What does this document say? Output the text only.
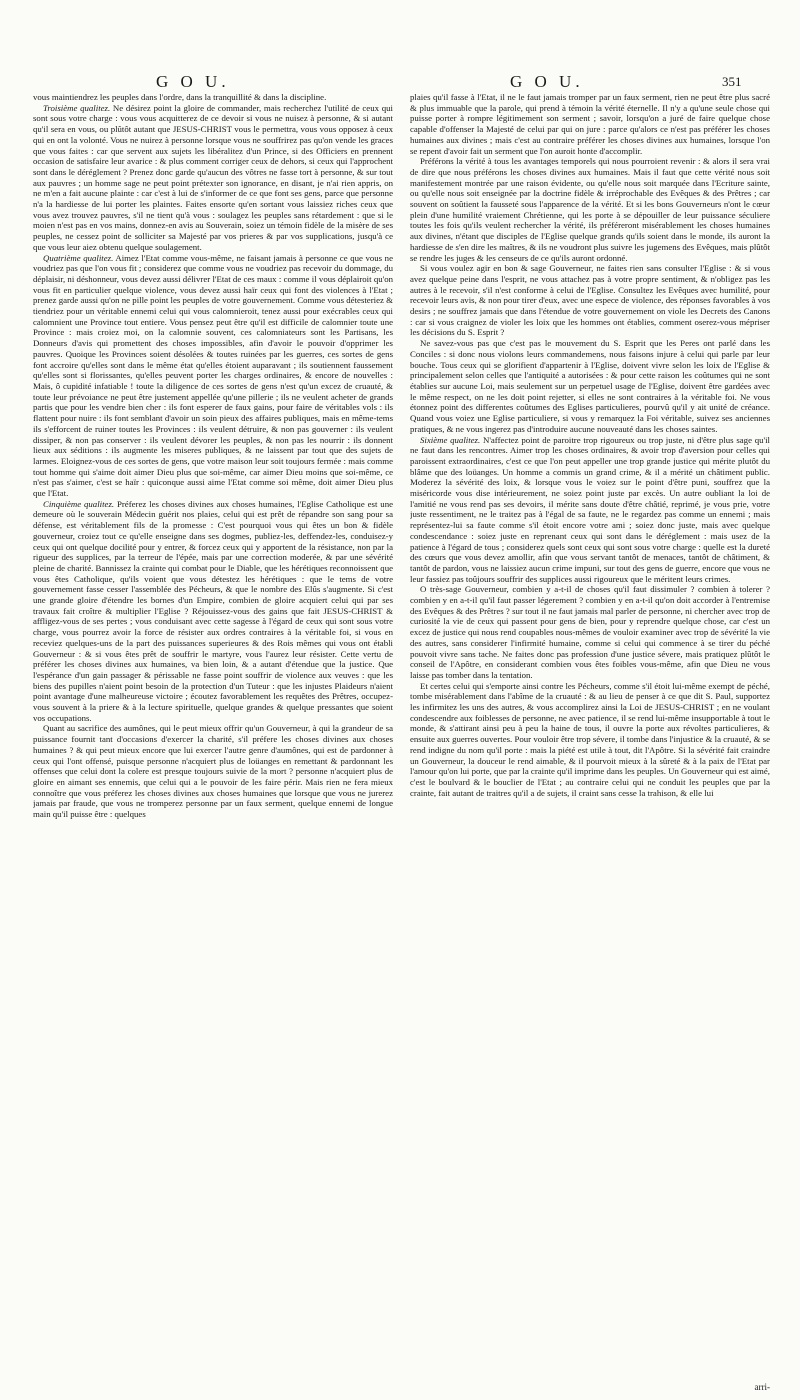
G O U.	G O U.	351

vous maintiendrez les peuples dans l'ordre, dans la tranquillité & dans la discipline.

Troisième qualitez. Ne désirez point la gloire de commander, mais recherchez l'utilité de ceux qui sont sous votre charge : vous vous acquitterez de ce devoir si vous ne nuisez à personne, & si autant qu'il sera en vous, ou plûtôt autant que JESUS-CHRIST vous le permettra, vous vous opposez à ceux qui en ont la volonté. Vous ne nuirez à personne lorsque vous ne souffrirez pas qu'on vende les graces que vous faites : car que servent aux sujets les libéralitez d'un Prince, si des Officiers en prennent occasion de satisfaire leur avarice : & plus comment corriger ceux de dehors, si ceux qui l'approchent sont dans le déréglement ? Prenez donc garde qu'aucun des vôtres ne fasse tort à personne, & sur tout aux pauvres ; un homme sage ne peut point prétexter son ignorance, en disant, je n'ai rien appris, on ne m'en a fait aucune plainte : car c'est à lui de s'informer de ce que font ses gens, parce que personne n'a la hardiesse de lui porter les plaintes. Faites ensorte qu'en sortant vous laissiez riches ceux que vous avez trouvez pauvres, s'il ne tient qu'à vous : soulagez les peuples sans rétardement : que si le moien n'est pas en vos mains, donnez-en avis au Souverain, soiez un témoin fidèle de la misère de ses peuples, ne cessez point de solliciter sa Majesté par vos prieres & par vos supplications, jusqu'à ce que vous leur aiez obtenu quelque soulagement.

Quatrième qualitez. Aimez l'Etat comme vous-même, ne faisant jamais à personne ce que vous ne voudriez pas que l'on vous fit ; considerez que comme vous ne voudriez pas recevoir du dommage, du déplaisir, ni déshonneur, vous devez aussi délivrer l'Etat de ces maux : comme il vous déplairoit qu'on vous fit en particulier quelque violence, vous devez aussi haïr ceux qui font des violences à l'Etat ; prenez garde aussi qu'on ne pille point les peuples de votre gouvernement. Comme vous détesteriez & tiendriez pour un véritable ennemi celui qui vous calomnieroit, tenez aussi pour exécrables ceux qui calomnient une Province tout entiere. Vous pensez peut être qu'il est difficile de calomnier toute une Province : mais croiez moi, on la calomnie souvent, ces calomniateurs sont les Partisans, les Donneurs d'avis qui promettent des choses impossibles, afin d'avoir le pouvoir d'opprimer les pauvres. Quoique les Provinces soient désolées & toutes ruinées par les guerres, ces sortes de gens font accroire qu'elles sont dans le même état qu'elles étoient auparavant ; ils soutiennent faussement qu'elles sont si florissantes, qu'elles peuvent porter les charges ordinaires, & encore de nouvelles : Mais, ô cupidité infatiable ! toute la diligence de ces sortes de gens n'est qu'un excez de cruauté, & toute leur prévoiance ne peut être justement appellée qu'une pillerie ; ils ne veulent acheter de grands partis que pour les vendre bien cher : ils font esperer de faux gains, pour faire de véritables vols : ils flattent pour nuire : ils font semblant d'avoir un soin pieux des affaires publiques, mais en même-tems ils s'efforcent de ruiner toutes les Provinces : ils veulent détruire, & non pas gouverner : ils veulent dissiper, & non pas conserver : ils veulent dévorer les peuples, & non pas les nourrir : ils donnent lieux aux séditions : ils augmente les miseres publiques, & ne laissent par tout que des sujets de larmes. Eloignez-vous de ces sortes de gens, que votre maison leur soit toujours fermée : mais comme tout homme qui s'aime doit aimer Dieu plus que soi-même, car aimer Dieu moins que soi-même, ce n'est pas s'aimer, c'est se haïr : quiconque aussi aime l'Etat comme soi même, doit aimer Dieu plus que l'Etat.

Cinquième qualitez. Préferez les choses divines aux choses humaines, l'Eglise Catholique est une demeure où le souverain Médecin guérit nos plaies, celui qui est prêt de répandre son sang pour sa défense, est véritablement fils de la promesse : C'est pourquoi vous qui êtes un bon & fidèle gouverneur, croiez tout ce qu'elle enseigne dans ses dogmes, publiez-les, deffendez-les, conduisez-y ceux qui ont quelque docilité pour y entrer, & forcez ceux qui y apportent de la résistance, non par la rigueur des supplices, par la terreur de l'épée, mais par une correction moderée, & par une sévérité pleine de charité. Bannissez la crainte qui combat pour le Diable, que les hérétiques reconnoissent que vous êtes Catholique, qu'ils voient que vous détestez les hérétiques : que le tems de votre gouvernement fasse cesser l'assemblée des Pécheurs, & que le nombre des Elûs s'augmente. Si c'est une grande gloire d'étendre les bornes d'un Empire, combien de gloire acquiert celui qui par ses travaux fait croître & multiplier l'Eglise ? Réjouissez-vous des gains que fait JESUS-CHRIST & affligez-vous de ses pertes ; vous conduisant avec cette sagesse à l'égard de ceux qui sont sous votre charge, vous pourrez avoir la force de résister aux ordres contraires à la véritable foi, si vous en receviez quelques-uns de la part des puissances superieures & des Rois mêmes qui vous ont établi Gouverneur : & si vous êtes prêt de souffrir le martyre, vous l'aurez leur résister. Cette vertu de préférer les choses divines aux humaines, va bien loin, & a autant d'étendue que la justice. Que l'espérance d'un gain passager & périssable ne fasse point souffrir de violence aux veuves : que les biens des pupilles n'aient point besoin de la protection d'un Tuteur : que les injustes Plaideurs n'aient point avantage d'une malheureuse victoire ; écoutez favorablement les requêtes des Prêtres, occupez-vous souvent à la priere & à la lecture spirituelle, quelque grandes & quelque pressantes que soient vos occupations.

Quant au sacrifice des aumônes, qui le peut mieux offrir qu'un Gouverneur, à qui la grandeur de sa puissance fournit tant d'occasions d'exercer la charité, s'il préfere les choses divines aux choses humaines ? & qui peut mieux encore que lui exercer l'autre genre d'aumônes, qui est de pardonner à ceux qui l'ont offensé, puisque personne n'acquiert plus de loüanges en remettant & pardonnant les offenses que celui dont la colere est presque toujours suivie de la mort ? personne n'acquiert plus de gloire en aimant ses ennemis, que celui qui a le pouvoir de les faire périr. Mais rien ne fera mieux connoître que vous préferez les choses divines aux choses humaines que lorsque que vous ne jurerez jamais par fraude, que vous ne tromperez personne par un faux serment, quelque ennemi de longue main qu'il puisse être : quelques

plaies qu'il fasse à l'Etat, il ne le faut jamais tromper par un faux serment, rien ne peut être plus sacré & plus immuable que la parole, qui prend à témoin la vérité éternelle. Il n'y a qu'une seule chose qui puisse porter à rompre légitimement son serment ; savoir, lorsqu'on a juré de faire quelque chose capable d'offenser la Majesté de celui par qui on jure : parce qu'alors ce n'est pas préférer les choses humaines aux divines ; mais c'est au contraire préférer les choses divines aux humaines, lorsque l'on se repent d'avoir fait un serment que l'on auroit honte d'accomplir.

Préférons la vérité à tous les avantages temporels qui nous pourroient revenir : & alors il sera vrai de dire que nous préférons les choses divines aux humaines. Mais il faut que cette vérité nous soit manifestement montrée par une raison évidente, ou qu'elle nous soit marquée dans l'Ecriture sainte, ou qu'elle nous soit enseignée par la doctrine fidèle & irréprochable des Evêques & des Prêtres ; car souvent on soûtient la fausseté sous l'apparence de la vérité. Et si les bons Gouverneurs n'ont le cœur plein d'une humilité vraiement Chrétienne, qui les porte à se dépouiller de leur puissance séculiere toutes les fois qu'ils veulent rechercher la vérité, ils préféreront misérablement les choses humaines aux divines, n'étant que disciples de l'Eglise quelque grands qu'ils soient dans le monde, ils auront la hardiesse de s'en dire les maîtres, & ils ne voudront plus suivre les jugemens des Evêques, mais plûtôt se rendre les juges & les censeurs de ce qu'ils auront ordonné.

Si vous voulez agir en bon & sage Gouverneur, ne faites rien sans consulter l'Eglise : & si vous avez quelque peine dans l'esprit, ne vous attachez pas à votre propre sentiment, & n'obligez pas les autres à le recevoir, s'il n'est conforme à celui de l'Eglise. Consultez les Evêques avec humilité, pour recevoir leurs avis, & non pour tirer d'eux, avec une espece de violence, des réponses favorables à vos desirs ; ne souffrez jamais que dans l'étendue de votre gouvernement on viole les Decrets des Canons : car si vous craignez de violer les loix que les hommes ont établies, comment oserez-vous mépriser les décisions du S. Esprit ?

Ne savez-vous pas que c'est pas le mouvement du S. Esprit que les Peres ont parlé dans les Conciles : si donc nous violons leurs commandemens, nous faisons injure à celui qui parle par leur bouche. Tous ceux qui se glorifient d'appartenir à l'Eglise, doivent vivre selon les loix de l'Eglise & principalement selon celles que l'antiquité a autorisées : & pour cette raison les coûtumes qui ne sont établies sur aucune Loi, mais seulement sur un perpetuel usage de l'Eglise, doivent être gardées avec le même respect, on ne les doit point rejetter, si elles ne sont contraires à la véritable foi. Ne vous étonnez point des differentes coûtumes des Eglises particulieres, pourvû qu'il y ait unité de créance. Quand vous voiez une Eglise particuliere, si vous y remarquez la Foi véritable, suivez ses anciennes pratiques, & ne vous ingerez pas d'introduire aucune nouveauté dans les choses saintes.

Sixième qualitez. N'affectez point de paroitre trop rigoureux ou trop juste, ni d'être plus sage qu'il ne faut dans les rencontres. Aimer trop les choses ordinaires, & avoir trop d'aversion pour celles qui paroissent extraordinaires, c'est ce que l'on peut appeller une trop grande justice qui mérite plutôt du blâme que des loüanges. Un homme a commis un grand crime, & il a mérité un châtiment public. Moderez la sévérité des loix, & lorsque vous le voiez sur le point d'être puni, souffrez que la miséricorde vous dise intérieurement, ne soiez point juste par excès. Un autre oubliant la loi de l'amitié ne vous rend pas ses devoirs, il mérite sans doute d'être châtié, reprimé, je vous prie, votre juste ressentiment, ne le traitez pas à l'égal de sa faute, ne le regardez pas comme un ennemi ; mais représentez-lui sa faute comme s'il étoit encore votre ami ; soiez donc juste, mais avec quelque condescendance : soiez juste en reprenant ceux qui sont dans le déréglement : mais usez de la patience à l'égard de tous ; considerez quels sont ceux qui sont sous votre charge : quelle est la dureté des cœurs que vous devez amollir, afin que vous servant tantôt de menaces, tantôt de châtiment, & tantôt de pardon, vous ne laissiez aucun crime impuni, sur tout des gens de guerre, encore que vous ne leur fassiez pas toûjours souffrir des supplices aussi rigoureux que le méritent leurs crimes.

O très-sage Gouverneur, combien y a-t-il de choses qu'il faut dissimuler ? combien à tolerer ? combien y en a-t-il qu'il faut passer légerement ? combien y en a-t-il qu'on doit accorder à l'entremise des Evêques & des Prêtres ? sur tout il ne faut jamais mal parler de personne, ni chercher avec trop de curiosité la vie de ceux qui passent pour gens de bien, pour y reprendre quelque chose, car c'est un excez de justice qui nous rend coupables nous-mêmes de vouloir examiner avec trop de sévérité la vie des autres, sans considerer l'infirmité humaine, comme si celui qui commence à se tirer du péché pouvoit vivre sans tache. Ne faites donc pas profession d'une justice sévere, mais pratiquez plûtôt le conseil de l'Apôtre, en considerant combien vous êtes foibles vous-même, afin que Dieu ne vous laisse pas tomber dans la tentation.

Et certes celui qui s'emporte ainsi contre les Pécheurs, comme s'il étoit lui-même exempt de péché, tombe misérablement dans l'abîme de la cruauté : & au lieu de penser à ce que dit S. Paul, supportez les infirmitez les uns des autres, & vous accomplirez ainsi la Loi de JESUS-CHRIST ; en ne voulant condescendre aux foiblesses de personne, ne avec patience, il se rend lui-même insupportable à tout le monde, & s'attirant ainsi peu à peu la haine de tous, il ouvre la porte aux révoltes particulieres, & ensuite aux guerres ouvertes. Pour vouloir être trop sévere, il tombe dans l'injustice & la cruauté, & se rend indigne du nom qu'il porte : mais la piété est utile à tout, dit l'Apôtre. Si la sévérité fait craindre un Gouverneur, la douceur le rend aimable, & il pourvoit mieux à la sûreté & à la paix de l'Etat par l'amour qu'on lui porte, que par la crainte qu'il imprime dans les peuples. Un Gouverneur qui est aimé, c'est le boulvard & le bouclier de l'Etat ; au contraire celui qui ne conduit les peuples que par la crainte, fait autant de traitres qu'il a de sujets, il craint sans cesse la trahison, & elle lui

arri-
